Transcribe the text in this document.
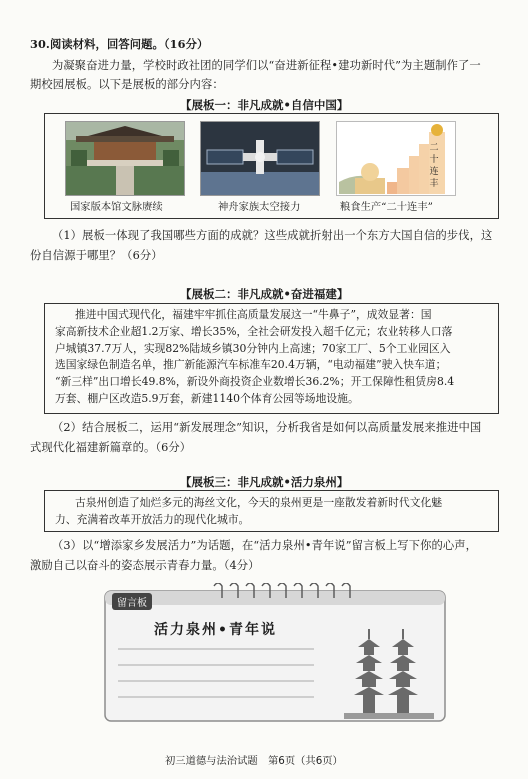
30.阅读材料，回答问题。（16分）
为凝聚奋进力量，学校时政社团的同学们以“奋进新征程•建功新时代”为主题制作了一
期校园展板。以下是展板的部分内容：
【展板一：非凡成就•自信中国】
二
十
连
丰
国家版本馆文脉赓续	神舟家族太空接力	粮食生产“二十连丰”
（1）展板一体现了我国哪些方面的成就？这些成就折射出一个东方大国自信的步伐，这
份自信源于哪里？（6分）
【展板二：非凡成就•奋进福建】
推进中国式现代化，福建牢牢抓住高质量发展这一“牛鼻子”，成效显著：国
家高新技术企业超1.2万家、增长35%，全社会研发投入超千亿元；农业转移人口落
户城镇37.7万人，实现82%陆域乡镇30分钟内上高速；70家工厂、5个工业园区入
选国家绿色制造名单，推广新能源汽车标准车20.4万辆，“电动福建”驶入快车道；
“新三样”出口增长49.8%，新设外商投资企业数增长36.2%；开工保障性租赁房8.4
万套、棚户区改造5.9万套，新建1140个体育公园等场地设施。
（2）结合展板二，运用“新发展理念”知识，分析我省是如何以高质量发展来推进中国
式现代化福建新篇章的。（6分）
【展板三：非凡成就•活力泉州】
古泉州创造了灿烂多元的海丝文化，今天的泉州更是一座散发着新时代文化魅
力、充满着改革开放活力的现代化城市。
（3）以“增添家乡发展活力”为话题，在“活力泉州•青年说”留言板上写下你的心声，
激励自己以奋斗的姿态展示青春力量。（4分）
留言板
活力泉州•青年说
初三道德与法治试题　第6页（共6页）
